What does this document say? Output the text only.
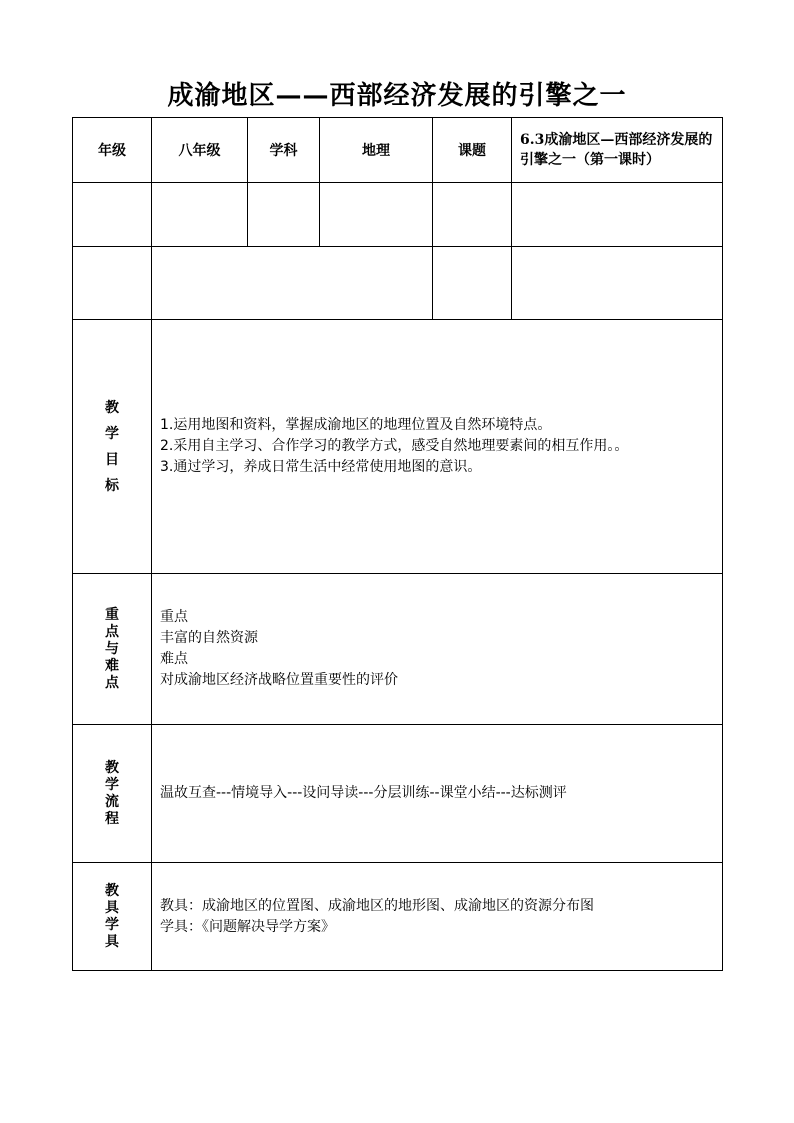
成渝地区——西部经济发展的引擎之一
年级	八年级	学科	地理	课题	6.3成渝地区—西部经济发展的引擎之一（第一课时）

教学目标	1.运用地图和资料，掌握成渝地区的地理位置及自然环境特点。
2.采用自主学习、合作学习的教学方式，感受自然地理要素间的相互作用。。
3.通过学习，养成日常生活中经常使用地图的意识。				

重点与难点	重点
丰富的自然资源
难点
对成渝地区经济战略位置重要性的评价				

教学流程	温故互查---情境导入---设问导读---分层训练--课堂小结---达标测评				

教具学具	教具：成渝地区的位置图、成渝地区的地形图、成渝地区的资源分布图
学具：《问题解决导学方案》				
